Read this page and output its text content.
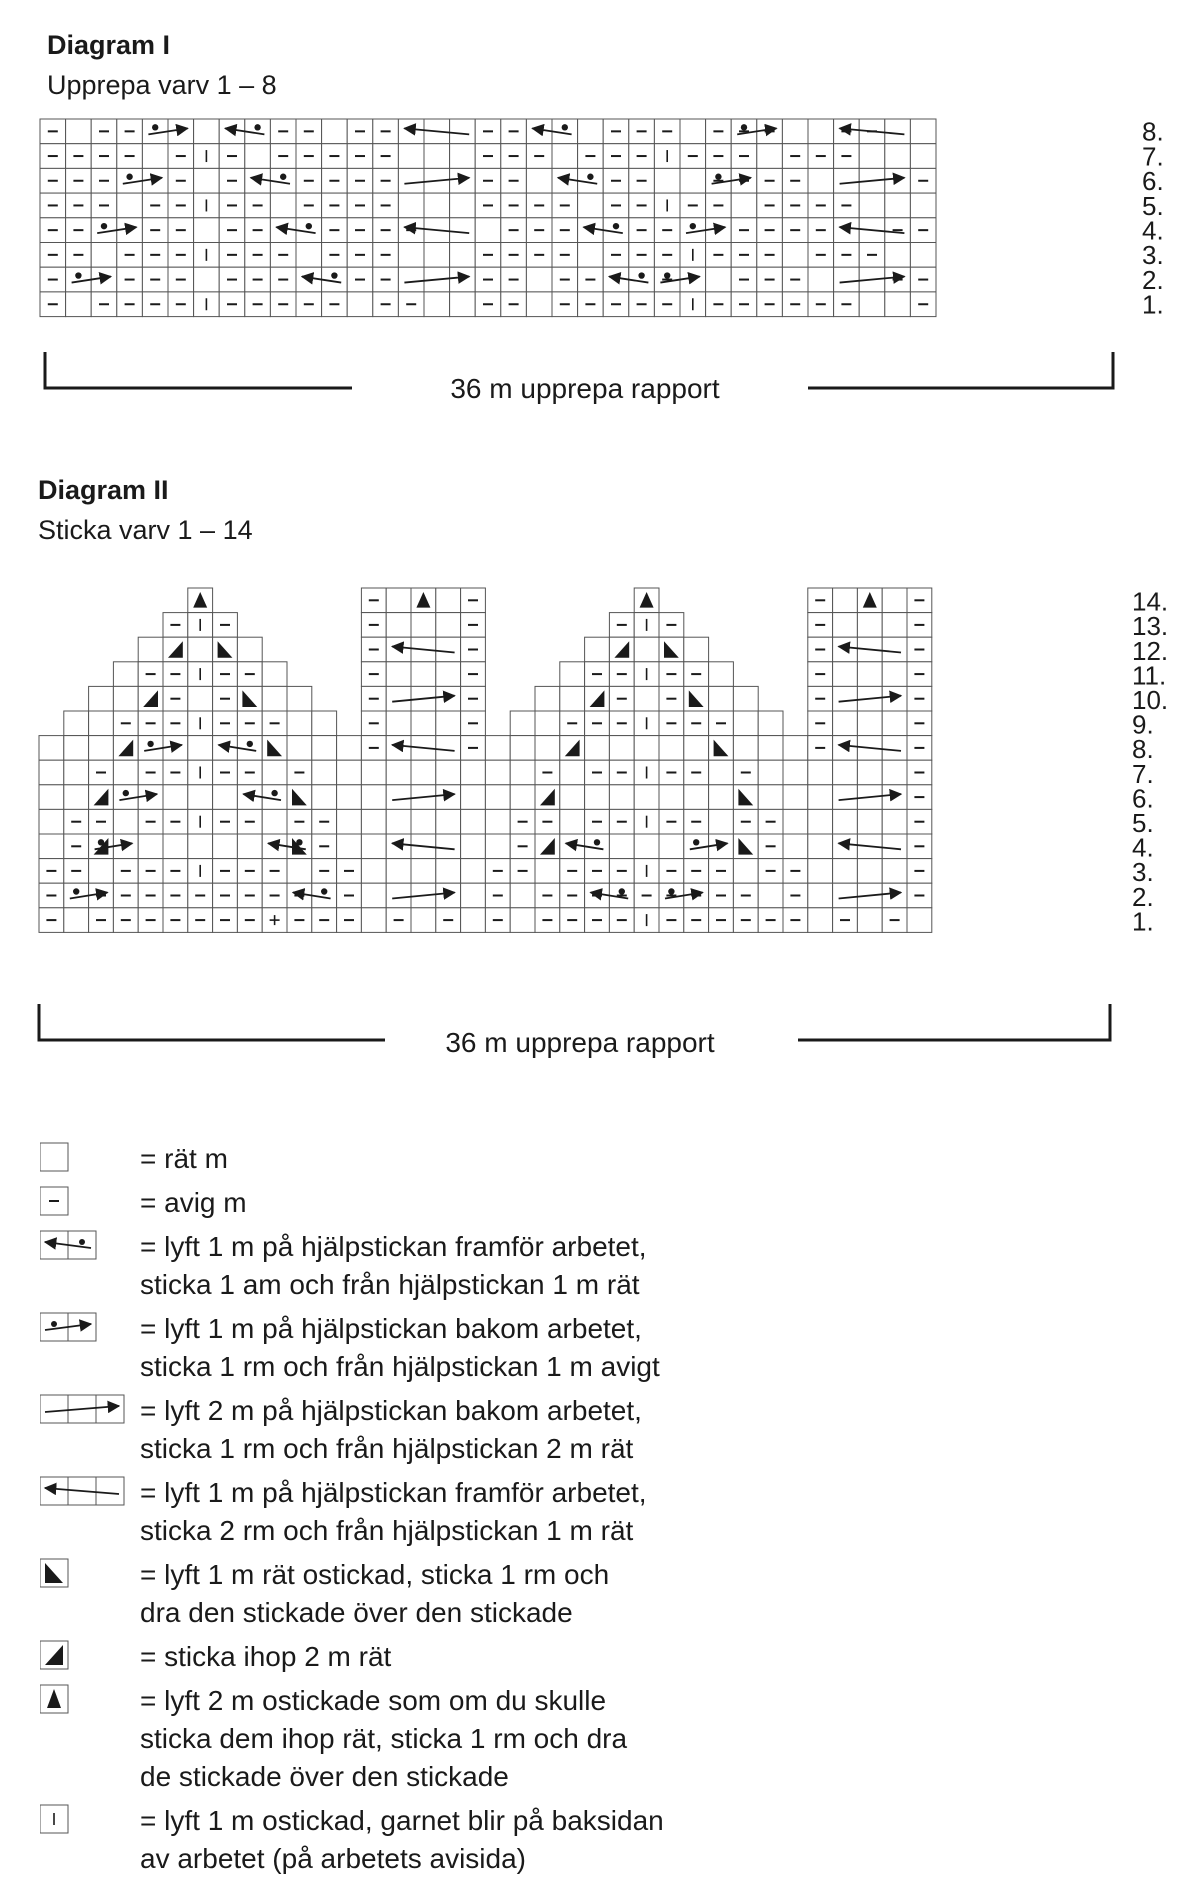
Diagram I
Upprepa varv 1 – 8
Diagram II
Sticka varv 1 – 14
8.
7.
6.
5.
4.
3.
2.
1.
14.
13.
12.
11.
10.
9.
8.
7.
6.
5.
4.
3.
2.
1.
36 m upprepa rapport
36 m upprepa rapport
= rät m
= avig m
= lyft 1 m på hjälpstickan framför arbetet,
sticka 1 am och från hjälpstickan 1 m rät
= lyft 1 m på hjälpstickan bakom arbetet,
sticka 1 rm och från hjälpstickan 1 m avigt
= lyft 2 m på hjälpstickan bakom arbetet,
sticka 1 rm och från hjälpstickan 2 m rät
= lyft 1 m på hjälpstickan framför arbetet,
sticka 2 rm och från hjälpstickan 1 m rät
= lyft 1 m rät ostickad, sticka 1 rm och
dra den stickade över den stickade
= sticka ihop 2 m rät
= lyft 2 m ostickade som om du skulle
sticka dem ihop rät, sticka 1 rm och dra
de stickade över den stickade
= lyft 1 m ostickad, garnet blir på baksidan
av arbetet (på arbetets avisida)
